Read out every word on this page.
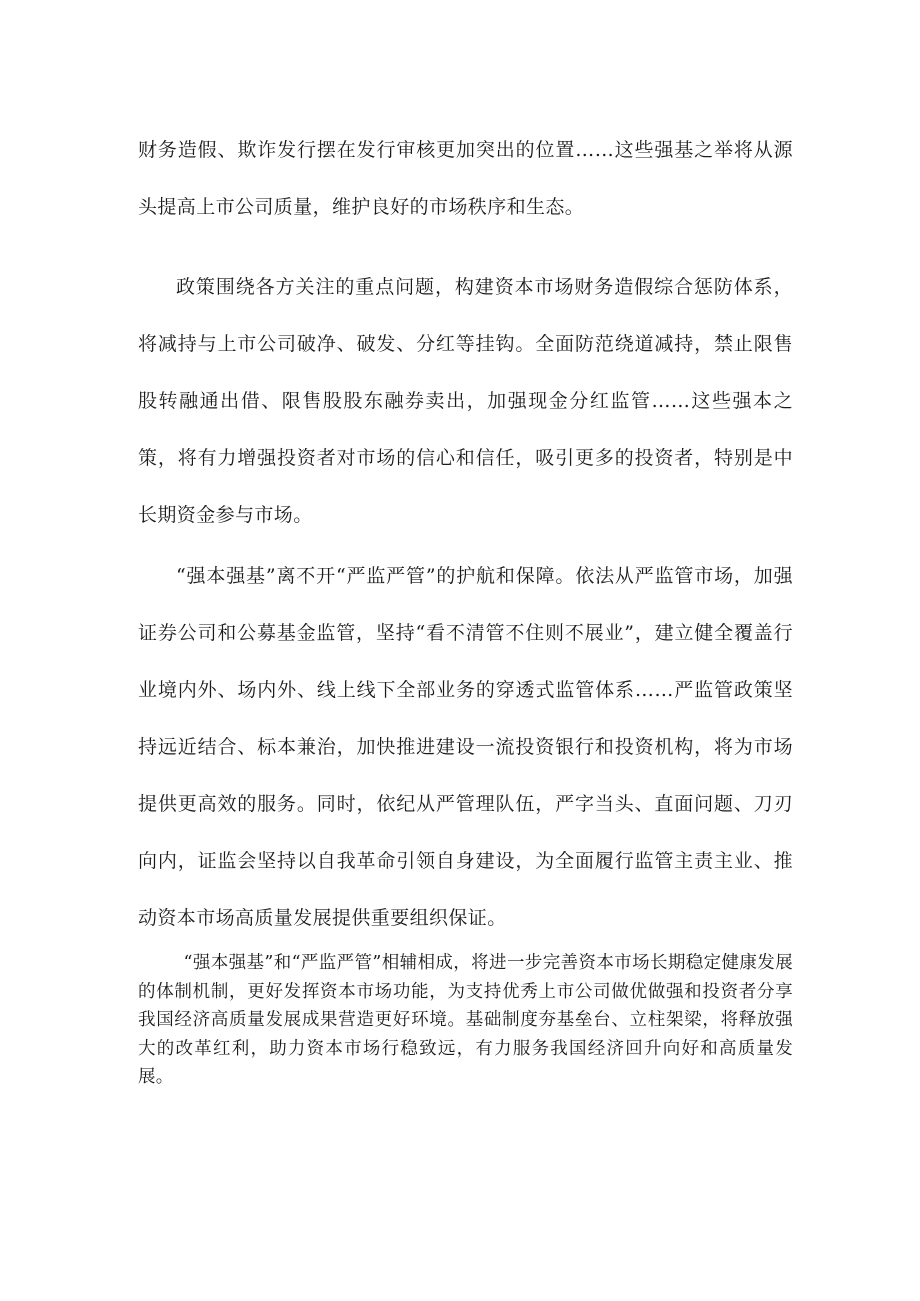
财务造假、欺诈发行摆在发行审核更加突出的位置……这些强基之举将从源头提高上市公司质量，维护良好的市场秩序和生态。

政策围绕各方关注的重点问题，构建资本市场财务造假综合惩防体系，将减持与上市公司破净、破发、分红等挂钩。全面防范绕道减持，禁止限售股转融通出借、限售股股东融券卖出，加强现金分红监管……这些强本之策，将有力增强投资者对市场的信心和信任，吸引更多的投资者，特别是中长期资金参与市场。

“强本强基”离不开“严监严管”的护航和保障。依法从严监管市场，加强证券公司和公募基金监管，坚持“看不清管不住则不展业”，建立健全覆盖行业境内外、场内外、线上线下全部业务的穿透式监管体系……严监管政策坚持远近结合、标本兼治，加快推进建设一流投资银行和投资机构，将为市场提供更高效的服务。同时，依纪从严管理队伍，严字当头、直面问题、刀刃向内，证监会坚持以自我革命引领自身建设，为全面履行监管主责主业、推动资本市场高质量发展提供重要组织保证。

“强本强基”和“严监严管”相辅相成，将进一步完善资本市场长期稳定健康发展的体制机制，更好发挥资本市场功能，为支持优秀上市公司做优做强和投资者分享我国经济高质量发展成果营造更好环境。基础制度夯基垒台、立柱架梁，将释放强大的改革红利，助力资本市场行稳致远，有力服务我国经济回升向好和高质量发展。
